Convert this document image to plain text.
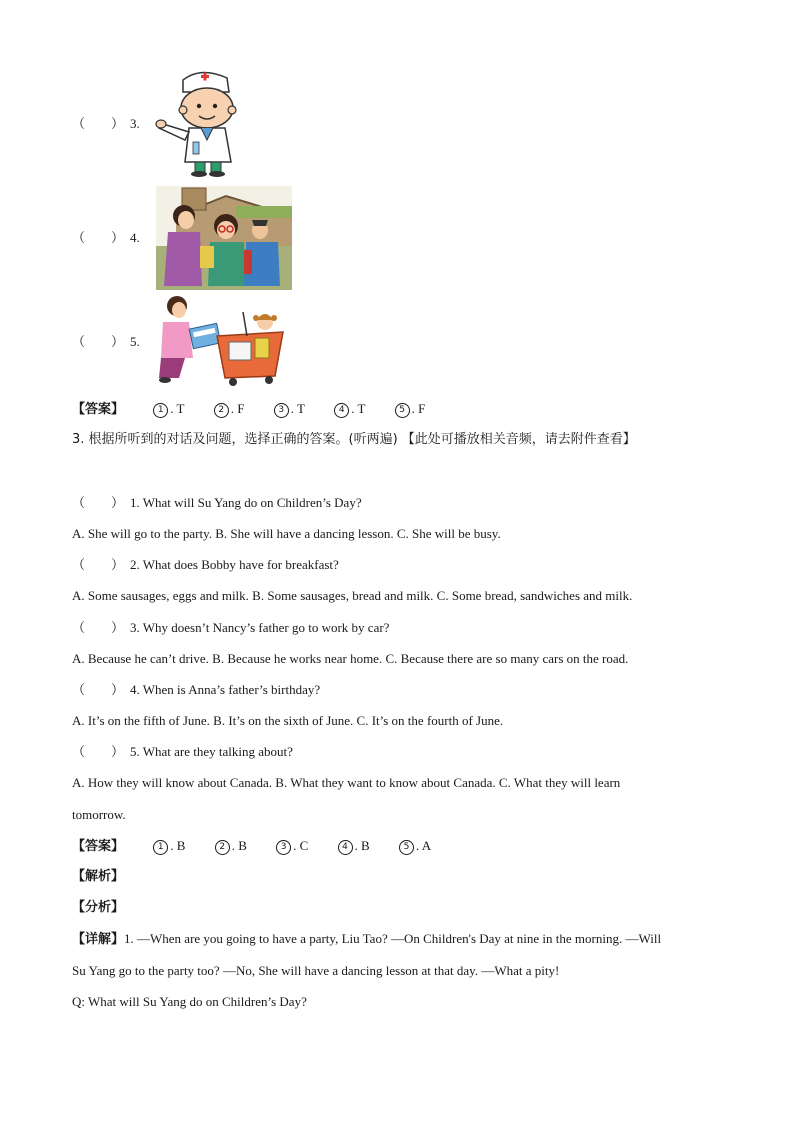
（　　） 3.
（　　） 4.
（　　） 5.
【答案】	1 . T	2 . F	3 . T	4 . T	5 . F
3. 根据所听到的对话及问题，选择正确的答案。(听两遍) 【此处可播放相关音频，请去附件查看】
（　　） 1. What will Su Yang do on Children’s Day?
A. She will go to the party. B. She will have a dancing lesson. C. She will be busy.
（　　） 2. What does Bobby have for breakfast?
A. Some sausages, eggs and milk. B. Some sausages, bread and milk. C. Some bread, sandwiches and milk.
（　　） 3. Why doesn’t Nancy’s father go to work by car?
A. Because he can’t drive. B. Because he works near home. C. Because there are so many cars on the road.
（　　） 4. When is Anna’s father’s birthday?
A. It’s on the fifth of June. B. It’s on the sixth of June. C. It’s on the fourth of June.
（　　） 5. What are they talking about?
A. How they will know about Canada. B. What they want to know about Canada. C. What they will learn
tomorrow.
【答案】	1 . B	2 . B	3 . C	4 . B	5 . A
【解析】
【分析】
【详解】1. —When are you going to have a party, Liu Tao? —On Children's Day at nine in the morning. —Will
Su Yang go to the party too? —No, She will have a dancing lesson at that day. —What a pity!
Q: What will Su Yang do on Children’s Day?
